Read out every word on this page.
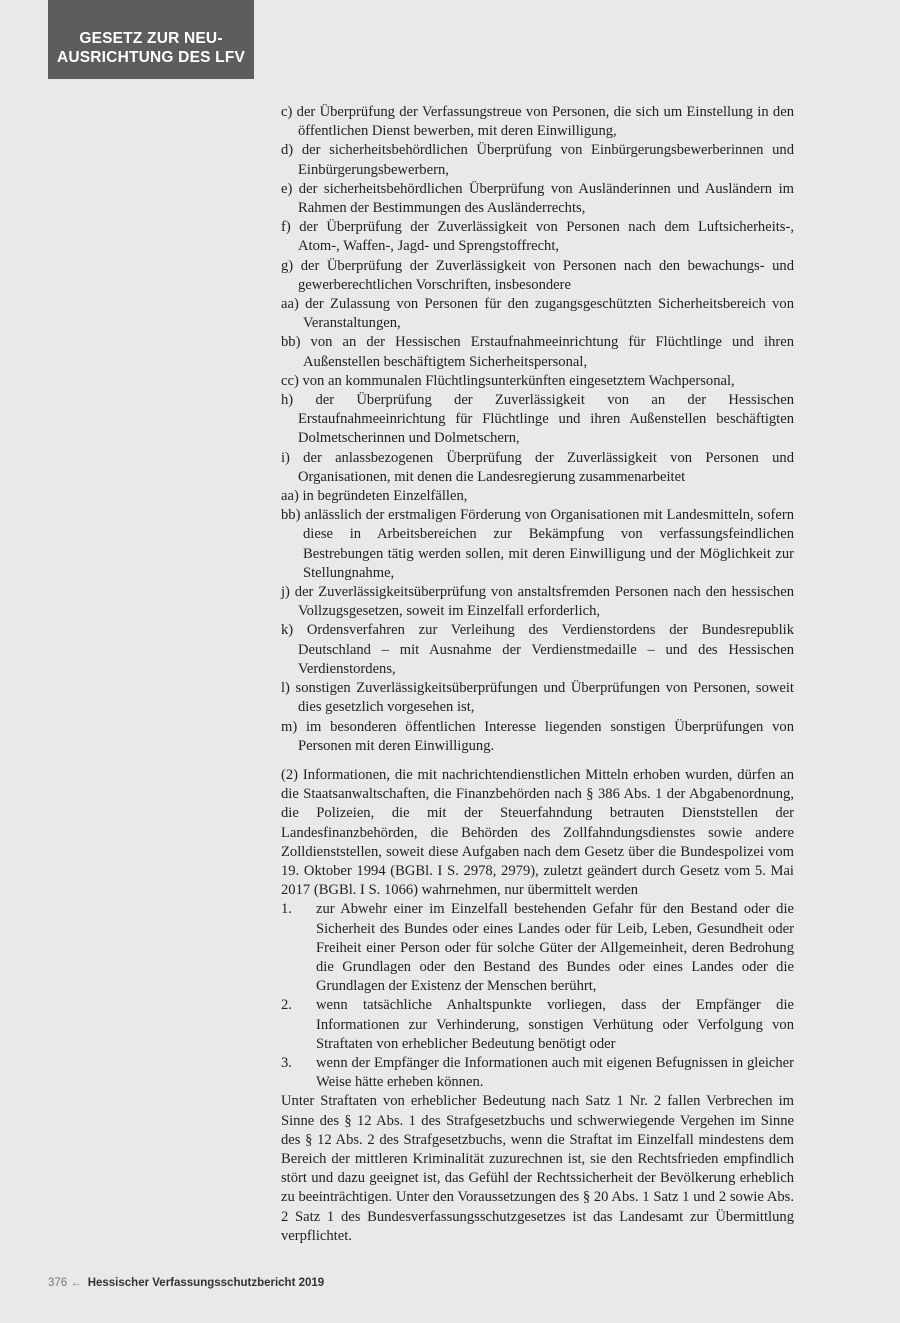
GESETZ ZUR NEU-
AUSRICHTUNG DES LFV
c) der Überprüfung der Verfassungstreue von Personen, die sich um Einstellung in den öffentlichen Dienst bewerben, mit deren Einwilligung,
d) der sicherheitsbehördlichen Überprüfung von Einbürgerungsbewerberinnen und Einbürgerungsbewerbern,
e) der sicherheitsbehördlichen Überprüfung von Ausländerinnen und Ausländern im Rahmen der Bestimmungen des Ausländerrechts,
f) der Überprüfung der Zuverlässigkeit von Personen nach dem Luftsicherheits-, Atom-, Waffen-, Jagd- und Sprengstoffrecht,
g) der Überprüfung der Zuverlässigkeit von Personen nach den bewachungs- und gewerberechtlichen Vorschriften, insbesondere
aa) der Zulassung von Personen für den zugangsgeschützten Sicherheitsbereich von Veranstaltungen,
bb) von an der Hessischen Erstaufnahmeeinrichtung für Flüchtlinge und ihren Außenstellen beschäftigtem Sicherheitspersonal,
cc) von an kommunalen Flüchtlingsunterkünften eingesetztem Wachpersonal,
h) der Überprüfung der Zuverlässigkeit von an der Hessischen Erstaufnahmeeinrichtung für Flüchtlinge und ihren Außenstellen beschäftigten Dolmetscherinnen und Dolmetschern,
i) der anlassbezogenen Überprüfung der Zuverlässigkeit von Personen und Organisationen, mit denen die Landesregierung zusammenarbeitet
aa) in begründeten Einzelfällen,
bb) anlässlich der erstmaligen Förderung von Organisationen mit Landesmitteln, sofern diese in Arbeitsbereichen zur Bekämpfung von verfassungsfeindlichen Bestrebungen tätig werden sollen, mit deren Einwilligung und der Möglichkeit zur Stellungnahme,
j) der Zuverlässigkeitsüberprüfung von anstaltsfremden Personen nach den hessischen Vollzugsgesetzen, soweit im Einzelfall erforderlich,
k) Ordensverfahren zur Verleihung des Verdienstordens der Bundesrepublik Deutschland – mit Ausnahme der Verdienstmedaille – und des Hessischen Verdienstordens,
l) sonstigen Zuverlässigkeitsüberprüfungen und Überprüfungen von Personen, soweit dies gesetzlich vorgesehen ist,
m) im besonderen öffentlichen Interesse liegenden sonstigen Überprüfungen von Personen mit deren Einwilligung.

(2) Informationen, die mit nachrichtendienstlichen Mitteln erhoben wurden, dürfen an die Staatsanwaltschaften, die Finanzbehörden nach § 386 Abs. 1 der Abgabenordnung, die Polizeien, die mit der Steuerfahndung betrauten Dienststellen der Landesfinanzbehörden, die Behörden des Zollfahndungsdienstes sowie andere Zolldienststellen, soweit diese Aufgaben nach dem Gesetz über die Bundespolizei vom 19. Oktober 1994 (BGBl. I S. 2978, 2979), zuletzt geändert durch Gesetz vom 5. Mai 2017 (BGBl. I S. 1066) wahrnehmen, nur übermittelt werden

1. zur Abwehr einer im Einzelfall bestehenden Gefahr für den Bestand oder die Sicherheit des Bundes oder eines Landes oder für Leib, Leben, Gesundheit oder Freiheit einer Person oder für solche Güter der Allgemeinheit, deren Bedrohung die Grundlagen oder den Bestand des Bundes oder eines Landes oder die Grundlagen der Existenz der Menschen berührt,
2. wenn tatsächliche Anhaltspunkte vorliegen, dass der Empfänger die Informationen zur Verhinderung, sonstigen Verhütung oder Verfolgung von Straftaten von erheblicher Bedeutung benötigt oder
3. wenn der Empfänger die Informationen auch mit eigenen Befugnissen in gleicher Weise hätte erheben können.

Unter Straftaten von erheblicher Bedeutung nach Satz 1 Nr. 2 fallen Verbrechen im Sinne des § 12 Abs. 1 des Strafgesetzbuchs und schwerwiegende Vergehen im Sinne des § 12 Abs. 2 des Strafgesetzbuchs, wenn die Straftat im Einzelfall mindestens dem Bereich der mittleren Kriminalität zuzurechnen ist, sie den Rechtsfrieden empfindlich stört und dazu geeignet ist, das Gefühl der Rechtssicherheit der Bevölkerung erheblich zu beeinträchtigen. Unter den Voraussetzungen des § 20 Abs. 1 Satz 1 und 2 sowie Abs. 2 Satz 1 des Bundesverfassungsschutzgesetzes ist das Landesamt zur Übermittlung verpflichtet.

376 ← Hessischer Verfassungsschutzbericht 2019
